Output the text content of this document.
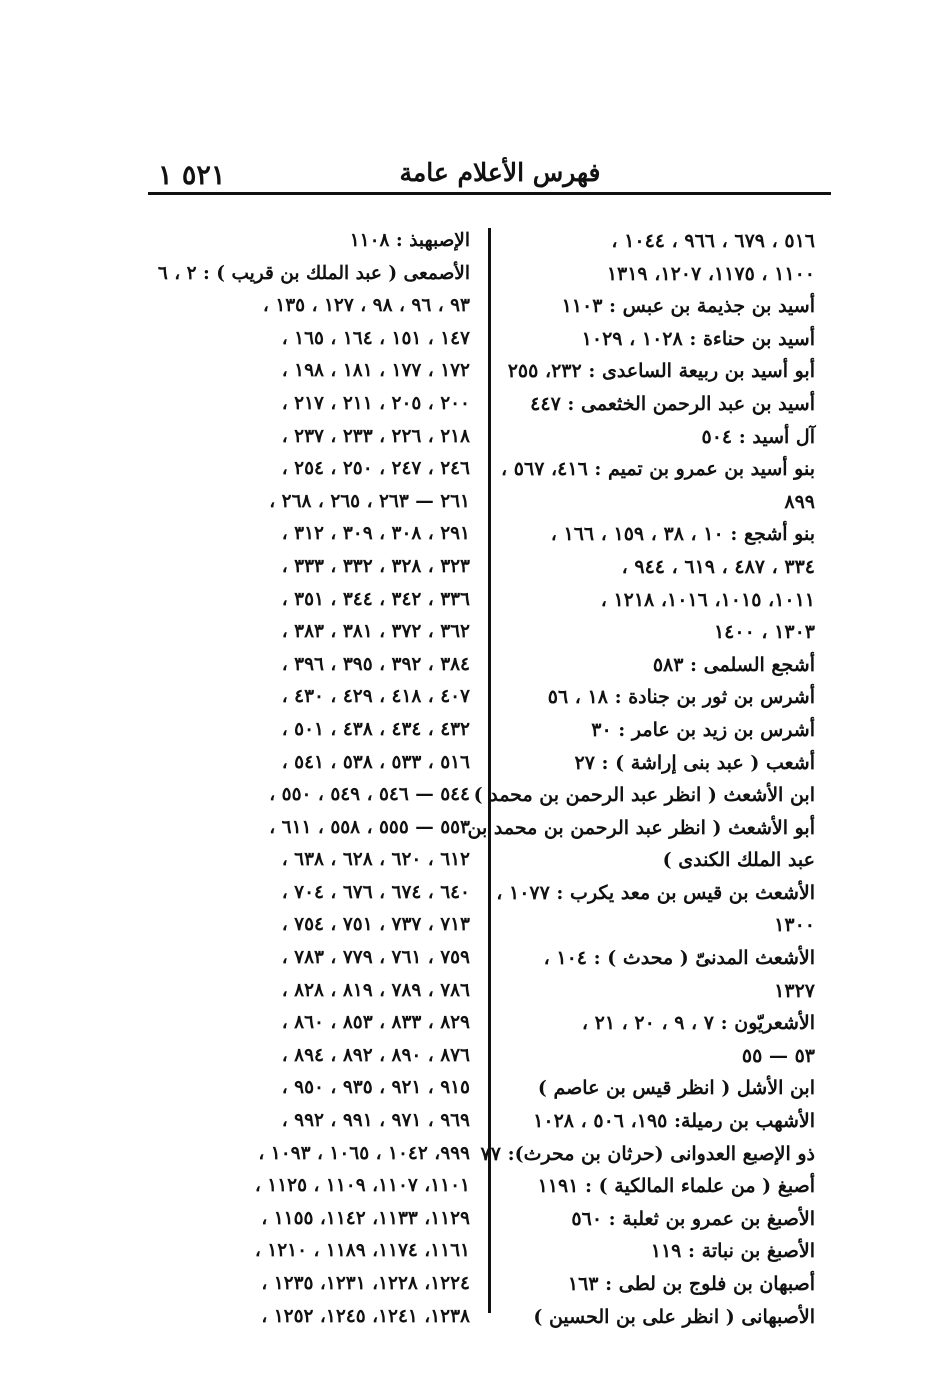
٥٢١ ١	فهرس الأعلام عامة
٥١٦ ، ٦٧٩ ، ٩٦٦ ، ١٠٤٤ ،
١١٠٠ ، ١١٧٥، ١٢٠٧، ١٣١٩
أسيد بن جذيمة بن عبس : ١١٠٣
أسيد بن حناءة : ١٠٢٨ ، ١٠٢٩
أبو أسيد بن ربيعة الساعدى : ٢٣٢، ٢٥٥
أسيد بن عبد الرحمن الخثعمى : ٤٤٧
آل أسيد : ٥٠٤
بنو أسيد بن عمرو بن تميم : ٤١٦، ٥٦٧ ،
٨٩٩
بنو أشجع : ١٠ ، ٣٨ ، ١٥٩ ، ١٦٦ ،
٣٣٤ ، ٤٨٧ ، ٦١٩ ، ٩٤٤ ،
١٠١١، ١٠١٥، ١٠١٦، ١٢١٨ ،
١٣٠٣ ، ١٤٠٠
أشجع السلمى : ٥٨٣
أشرس بن ثور بن جنادة : ١٨ ، ٥٦
أشرس بن زيد بن عامر : ٣٠
أشعب ( عبد بنى إراشة ) : ٢٧
ابن الأشعث ( انظر عبد الرحمن بن محمد )
أبو الأشعث ( انظر عبد الرحمن بن محمد بن
عبد الملك الكندى )
الأشعث بن قيس بن معد يكرب : ١٠٧٧ ،
١٣٠٠
الأشعث المدنىّ ( محدث ) : ١٠٤ ،
١٣٢٧
الأشعريّون : ٧ ، ٩ ، ٢٠ ، ٢١ ،
٥٣ — ٥٥
ابن الأشل ( انظر قيس بن عاصم )
الأشهب بن رميلة: ١٩٥، ٥٠٦ ، ١٠٢٨
ذو الإصبع العدوانى (حرثان بن محرث): ٧٧
أصبغ ( من علماء المالكية ) : ١١٩١
الأصبغ بن عمرو بن ثعلبة : ٥٦٠
الأصبغ بن نباتة : ١١٩
أصبهان بن فلوج بن لطى : ١٦٣
الأصبهانى ( انظر على بن الحسين )
الإصبهبذ : ١١٠٨
الأصمعى ( عبد الملك بن قريب ) : ٢ ، ٦
٩٣ ، ٩٦ ، ٩٨ ، ١٢٧ ، ١٣٥ ،
١٤٧ ، ١٥١ ، ١٦٤ ، ١٦٥ ،
١٧٢ ، ١٧٧ ، ١٨١ ، ١٩٨ ،
٢٠٠ ، ٢٠٥ ، ٢١١ ، ٢١٧ ،
٢١٨ ، ٢٢٦ ، ٢٣٣ ، ٢٣٧ ،
٢٤٦ ، ٢٤٧ ، ٢٥٠ ، ٢٥٤ ،
٢٦١ — ٢٦٣ ، ٢٦٥ ، ٢٦٨ ،
٢٩١ ، ٣٠٨ ، ٣٠٩ ، ٣١٢ ،
٣٢٣ ، ٣٢٨ ، ٣٣٢ ، ٣٣٣ ،
٣٣٦ ، ٣٤٢ ، ٣٤٤ ، ٣٥١ ،
٣٦٢ ، ٣٧٢ ، ٣٨١ ، ٣٨٣ ،
٣٨٤ ، ٣٩٢ ، ٣٩٥ ، ٣٩٦ ،
٤٠٧ ، ٤١٨ ، ٤٢٩ ، ٤٣٠ ،
٤٣٢ ، ٤٣٤ ، ٤٣٨ ، ٥٠١ ،
٥١٦ ، ٥٣٣ ، ٥٣٨ ، ٥٤١ ،
٥٤٤ — ٥٤٦ ، ٥٤٩ ، ٥٥٠ ،
٥٥٣ — ٥٥٥ ، ٥٥٨ ، ٦١١ ،
٦١٢ ، ٦٢٠ ، ٦٢٨ ، ٦٣٨ ،
٦٤٠ ، ٦٧٤ ، ٦٧٦ ، ٧٠٤ ،
٧١٣ ، ٧٣٧ ، ٧٥١ ، ٧٥٤ ،
٧٥٩ ، ٧٦١ ، ٧٧٩ ، ٧٨٣ ،
٧٨٦ ، ٧٨٩ ، ٨١٩ ، ٨٢٨ ،
٨٢٩ ، ٨٣٣ ، ٨٥٣ ، ٨٦٠ ،
٨٧٦ ، ٨٩٠ ، ٨٩٢ ، ٨٩٤ ،
٩١٥ ، ٩٢١ ، ٩٣٥ ، ٩٥٠ ،
٩٦٩ ، ٩٧١ ، ٩٩١ ، ٩٩٢ ،
٩٩٩، ١٠٤٢ ، ١٠٦٥ ، ١٠٩٣ ،
١١٠١، ١١٠٧، ١١٠٩ ، ١١٢٥ ،
١١٢٩، ١١٣٣، ١١٤٢، ١١٥٥ ،
١١٦١، ١١٧٤، ١١٨٩ ، ١٢١٠ ،
١٢٢٤، ١٢٢٨، ١٢٣١، ١٢٣٥ ،
١٢٣٨، ١٢٤١، ١٢٤٥، ١٢٥٢ ،
